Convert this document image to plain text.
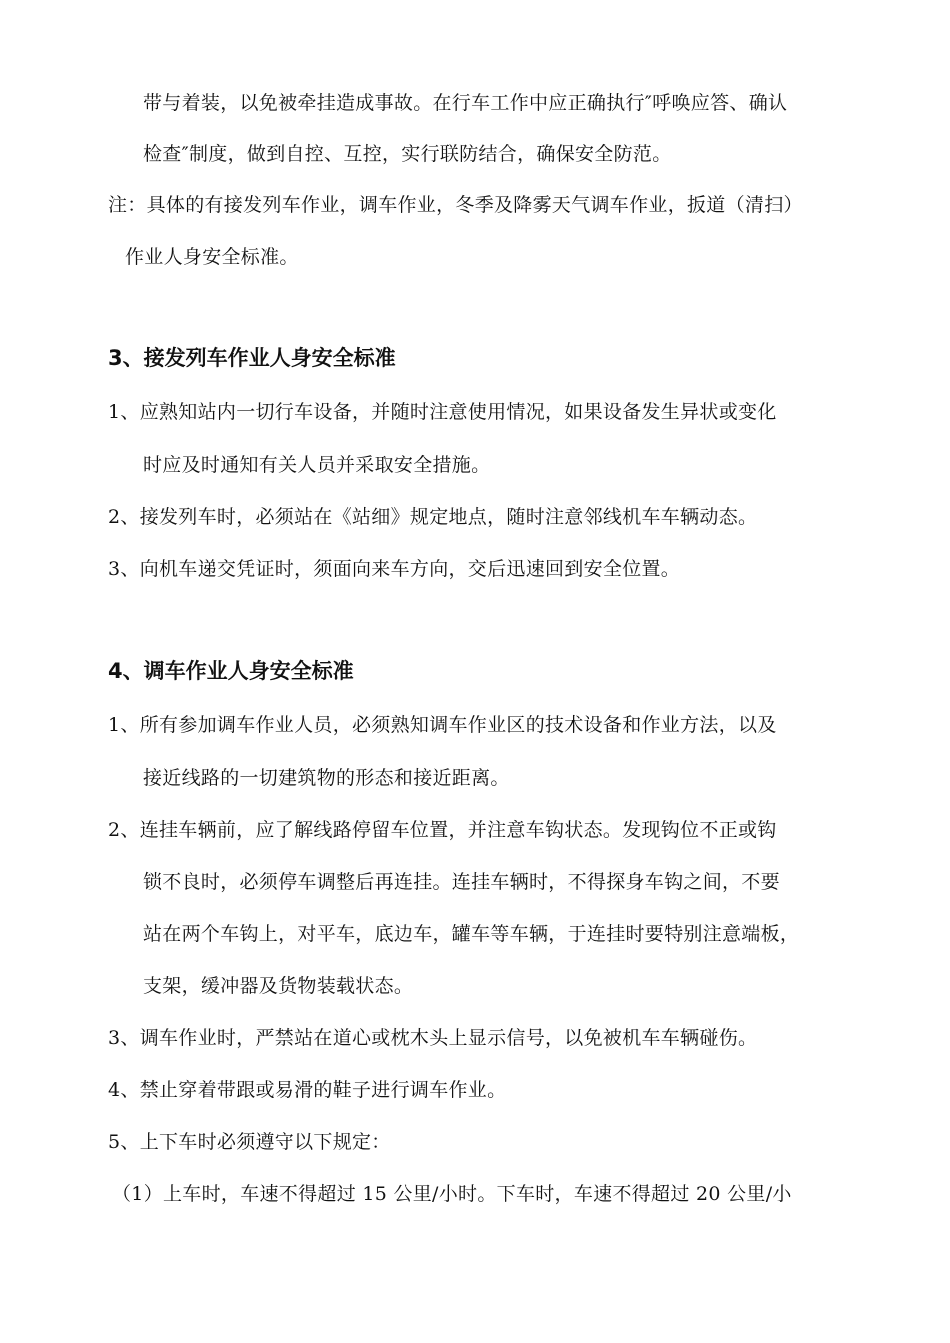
带与着装，以免被牵挂造成事故。在行车工作中应正确执行″呼唤应答、确认

检查″制度，做到自控、互控，实行联防结合，确保安全防范。

注：具体的有接发列车作业，调车作业，冬季及降雾天气调车作业，扳道（清扫）

作业人身安全标准。

3、接发列车作业人身安全标准

1、应熟知站内一切行车设备，并随时注意使用情况，如果设备发生异状或变化

时应及时通知有关人员并采取安全措施。

2、接发列车时，必须站在《站细》规定地点，随时注意邻线机车车辆动态。

3、向机车递交凭证时，须面向来车方向，交后迅速回到安全位置。

4、调车作业人身安全标准

1、所有参加调车作业人员，必须熟知调车作业区的技术设备和作业方法，以及

接近线路的一切建筑物的形态和接近距离。

2、连挂车辆前，应了解线路停留车位置，并注意车钩状态。发现钩位不正或钩

锁不良时，必须停车调整后再连挂。连挂车辆时，不得探身车钩之间，不要

站在两个车钩上，对平车，底边车，罐车等车辆，于连挂时要特别注意端板，

支架，缓冲器及货物装载状态。

3、调车作业时，严禁站在道心或枕木头上显示信号，以免被机车车辆碰伤。

4、禁止穿着带跟或易滑的鞋子进行调车作业。

5、上下车时必须遵守以下规定：

（1）上车时，车速不得超过 15 公里/小时。下车时，车速不得超过 20 公里/小
